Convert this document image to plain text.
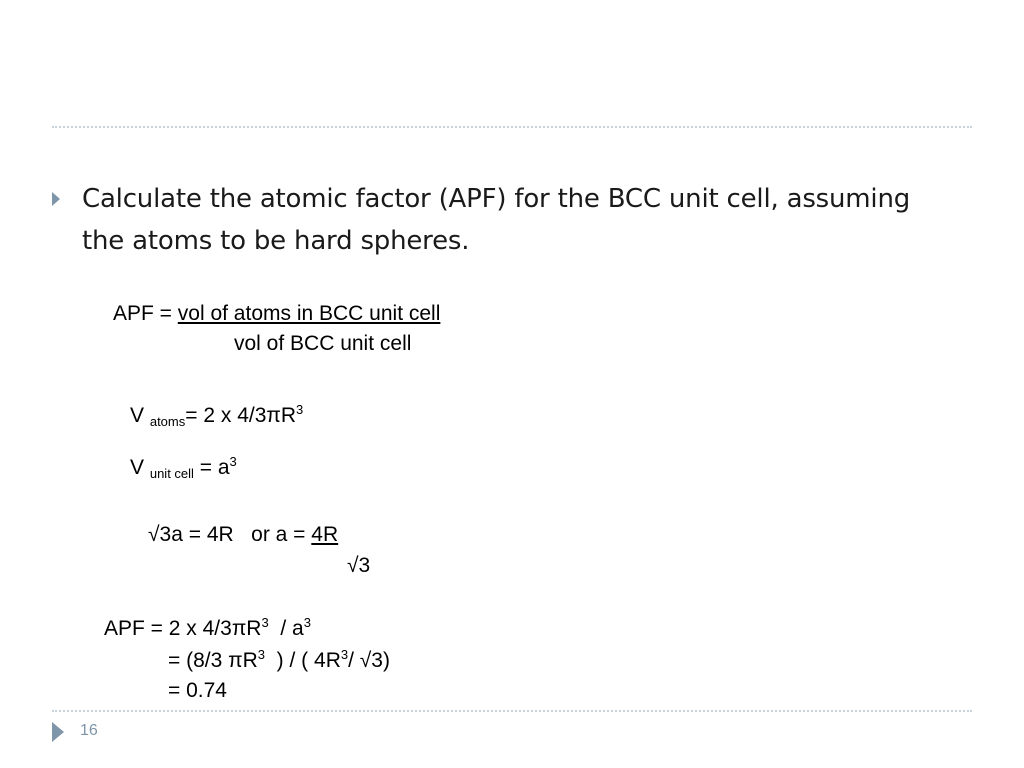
Calculate the atomic factor (APF) for the BCC unit cell, assuming the atoms to be hard spheres.
APF = vol of atoms in BCC unit cell
vol of BCC unit cell
V $_{atoms}$= 2 x $4/3\pi R^3$
V $_{unit cell} = a^3$
√3a = 4R   or a = 4R
√3
APF = 2 x $4/3\pi R^3 / a^3$
= (8/3 $\pi R^3$  ) / ( $4R^3/$ √3)
= 0.74
16
